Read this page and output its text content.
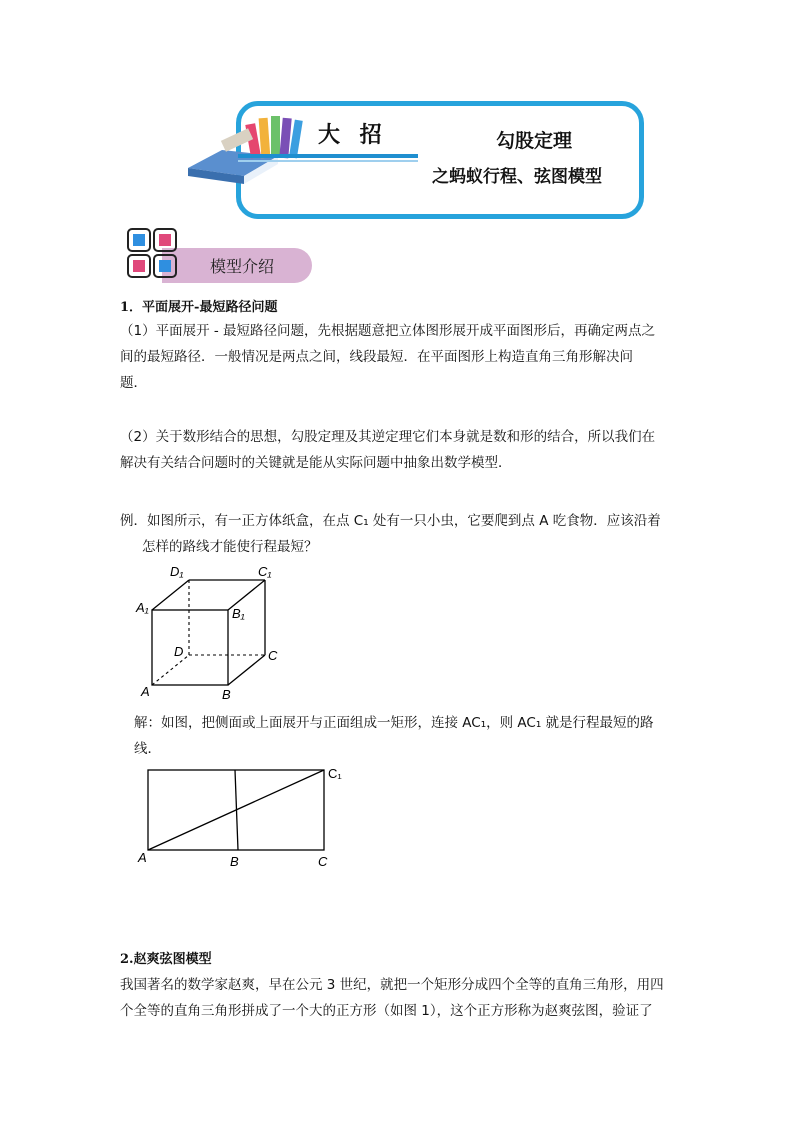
大 招	勾股定理
之蚂蚁行程、弦图模型
模型介绍
1．平面展开-最短路径问题
（1）平面展开 - 最短路径问题，先根据题意把立体图形展开成平面图形后，再确定两点之
间的最短路径．一般情况是两点之间，线段最短．在平面图形上构造直角三角形解决问
题．
（2）关于数形结合的思想，勾股定理及其逆定理它们本身就是数和形的结合，所以我们在
解决有关结合问题时的关键就是能从实际问题中抽象出数学模型．
例．如图所示，有一正方体纸盒，在点 C₁ 处有一只小虫，它要爬到点 A 吃食物．应该沿着
怎样的路线才能使行程最短？
D₁	C₁
A₁	B₁
D	C
A	B
解：如图，把侧面或上面展开与正面组成一矩形，连接 AC₁，则 AC₁ 就是行程最短的路
线．
C₁
A	B	C
2.赵爽弦图模型
我国著名的数学家赵爽，早在公元 3 世纪，就把一个矩形分成四个全等的直角三角形，用四
个全等的直角三角形拼成了一个大的正方形（如图 1），这个正方形称为赵爽弦图，验证了
